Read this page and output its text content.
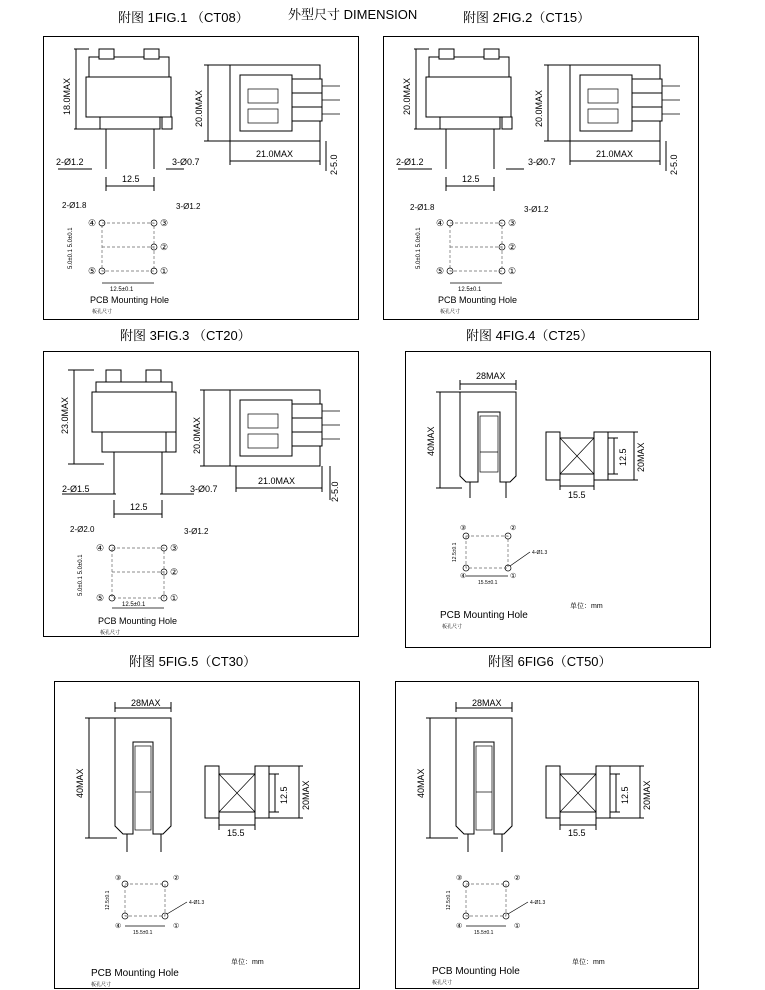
外型尺寸 DIMENSION
附图 1FIG.1 （CT08）	附图 2FIG.2（CT15）
附图 3FIG.3 （CT20）	附图 4FIG.4（CT25）
附图 5FIG.5（CT30）	附图 6FIG6（CT50）
18.0MAX
2-Ø1.2	3-Ø0.7
12.5
20.0MAX
21.0MAX
2-5.0
④	③
②
⑤	①
2-Ø1.8	3-Ø1.2
5.0±0.1 5.0±0.1
12.5±0.1
PCB Mounting Hole
板孔尺寸
20.0MAX
2-Ø1.2	3-Ø0.7
12.5
20.0MAX
21.0MAX
2-5.0
④	③
②
⑤	①
2-Ø1.8	3-Ø1.2
5.0±0.1 5.0±0.1
12.5±0.1
PCB Mounting Hole
板孔尺寸
23.0MAX
2-Ø1.5	3-Ø0.7
12.5
20.0MAX
21.0MAX
2-5.0
④	③
②
⑤	①
2-Ø2.0	3-Ø1.2
5.0±0.1 5.0±0.1
12.5±0.1
PCB Mounting Hole
板孔尺寸
28MAX
40MAX
15.5
12.5 20MAX
③	②
④	①
4-Ø1.3
12.5±0.1
15.5±0.1
PCB Mounting Hole
板孔尺寸
单位：mm
28MAX
40MAX
15.5
12.5 20MAX
③	②
④	①
4-Ø1.3
12.5±0.1
15.5±0.1
PCB Mounting Hole
板孔尺寸
单位：mm
28MAX
40MAX
15.5
12.5 20MAX
③	②
④	①
4-Ø1.3
12.5±0.1
15.5±0.1
PCB Mounting Hole
板孔尺寸
单位：mm
